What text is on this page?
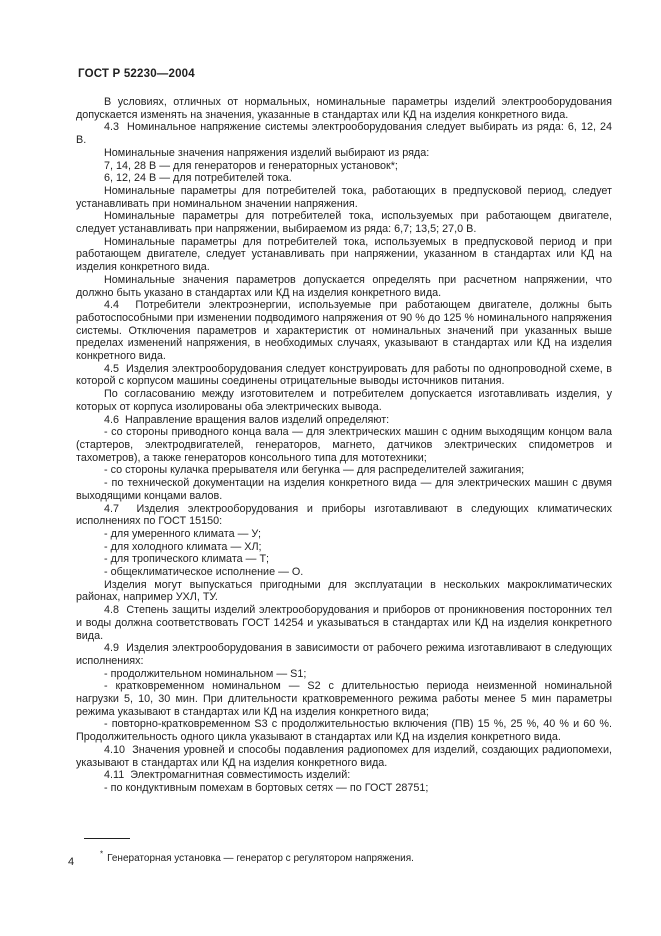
ГОСТ Р 52230—2004

В условиях, отличных от нормальных, номинальные параметры изделий электрооборудования допускается изменять на значения, указанные в стандартах или КД на изделия конкретного вида.

4.3  Номинальное напряжение системы электрооборудования следует выбирать из ряда: 6, 12, 24 В.

Номинальные значения напряжения изделий выбирают из ряда:

7, 14, 28 В — для генераторов и генераторных установок*;

6, 12, 24 В — для потребителей тока.

Номинальные параметры для потребителей тока, работающих в предпусковой период, следует устанавливать при номинальном значении напряжения.

Номинальные параметры для потребителей тока, используемых при работающем двигателе, следует устанавливать при напряжении, выбираемом из ряда: 6,7; 13,5; 27,0 В.

Номинальные параметры для потребителей тока, используемых в предпусковой период и при работающем двигателе, следует устанавливать при напряжении, указанном в стандартах или КД на изделия конкретного вида.

Номинальные значения параметров допускается определять при расчетном напряжении, что должно быть указано в стандартах или КД на изделия конкретного вида.

4.4  Потребители электроэнергии, используемые при работающем двигателе, должны быть работоспособными при изменении подводимого напряжения от 90 % до 125 % номинального напряжения системы. Отключения параметров и характеристик от номинальных значений при указанных выше пределах изменений напряжения, в необходимых случаях, указывают в стандартах или КД на изделия конкретного вида.

4.5  Изделия электрооборудования следует конструировать для работы по однопроводной схеме, в которой с корпусом машины соединены отрицательные выводы источников питания.

По согласованию между изготовителем и потребителем допускается изготавливать изделия, у которых от корпуса изолированы оба электрических вывода.

4.6  Направление вращения валов изделий определяют:

- со стороны приводного конца вала — для электрических машин с одним выходящим концом вала (стартеров, электродвигателей, генераторов, магнето, датчиков электрических спидометров и тахометров), а также генераторов консольного типа для мототехники;

- со стороны кулачка прерывателя или бегунка — для распределителей зажигания;

- по технической документации на изделия конкретного вида — для электрических машин с двумя выходящими концами валов.

4.7  Изделия электрооборудования и приборы изготавливают в следующих климатических исполнениях по ГОСТ 15150:

- для умеренного климата — У;

- для холодного климата — ХЛ;

- для тропического климата — Т;

- общеклиматическое исполнение — О.

Изделия могут выпускаться пригодными для эксплуатации в нескольких макроклиматических районах, например УХЛ, ТУ.

4.8  Степень защиты изделий электрооборудования и приборов от проникновения посторонних тел и воды должна соответствовать ГОСТ 14254 и указываться в стандартах или КД на изделия конкретного вида.

4.9  Изделия электрооборудования в зависимости от рабочего режима изготавливают в следующих исполнениях:

- продолжительном номинальном — S1;

- кратковременном номинальном — S2 с длительностью периода неизменной номинальной нагрузки 5, 10, 30 мин. При длительности кратковременного режима работы менее 5 мин параметры режима указывают в стандартах или КД на изделия конкретного вида;

- повторно-кратковременном S3 с продолжительностью включения (ПВ) 15 %, 25 %, 40 % и 60 %. Продолжительность одного цикла указывают в стандартах или КД на изделия конкретного вида.

4.10  Значения уровней и способы подавления радиопомех для изделий, создающих радиопомехи, указывают в стандартах или КД на изделия конкретного вида.

4.11  Электромагнитная совместимость изделий:

- по кондуктивным помехам в бортовых сетях — по ГОСТ 28751;

* Генераторная установка — генератор с регулятором напряжения.

4
